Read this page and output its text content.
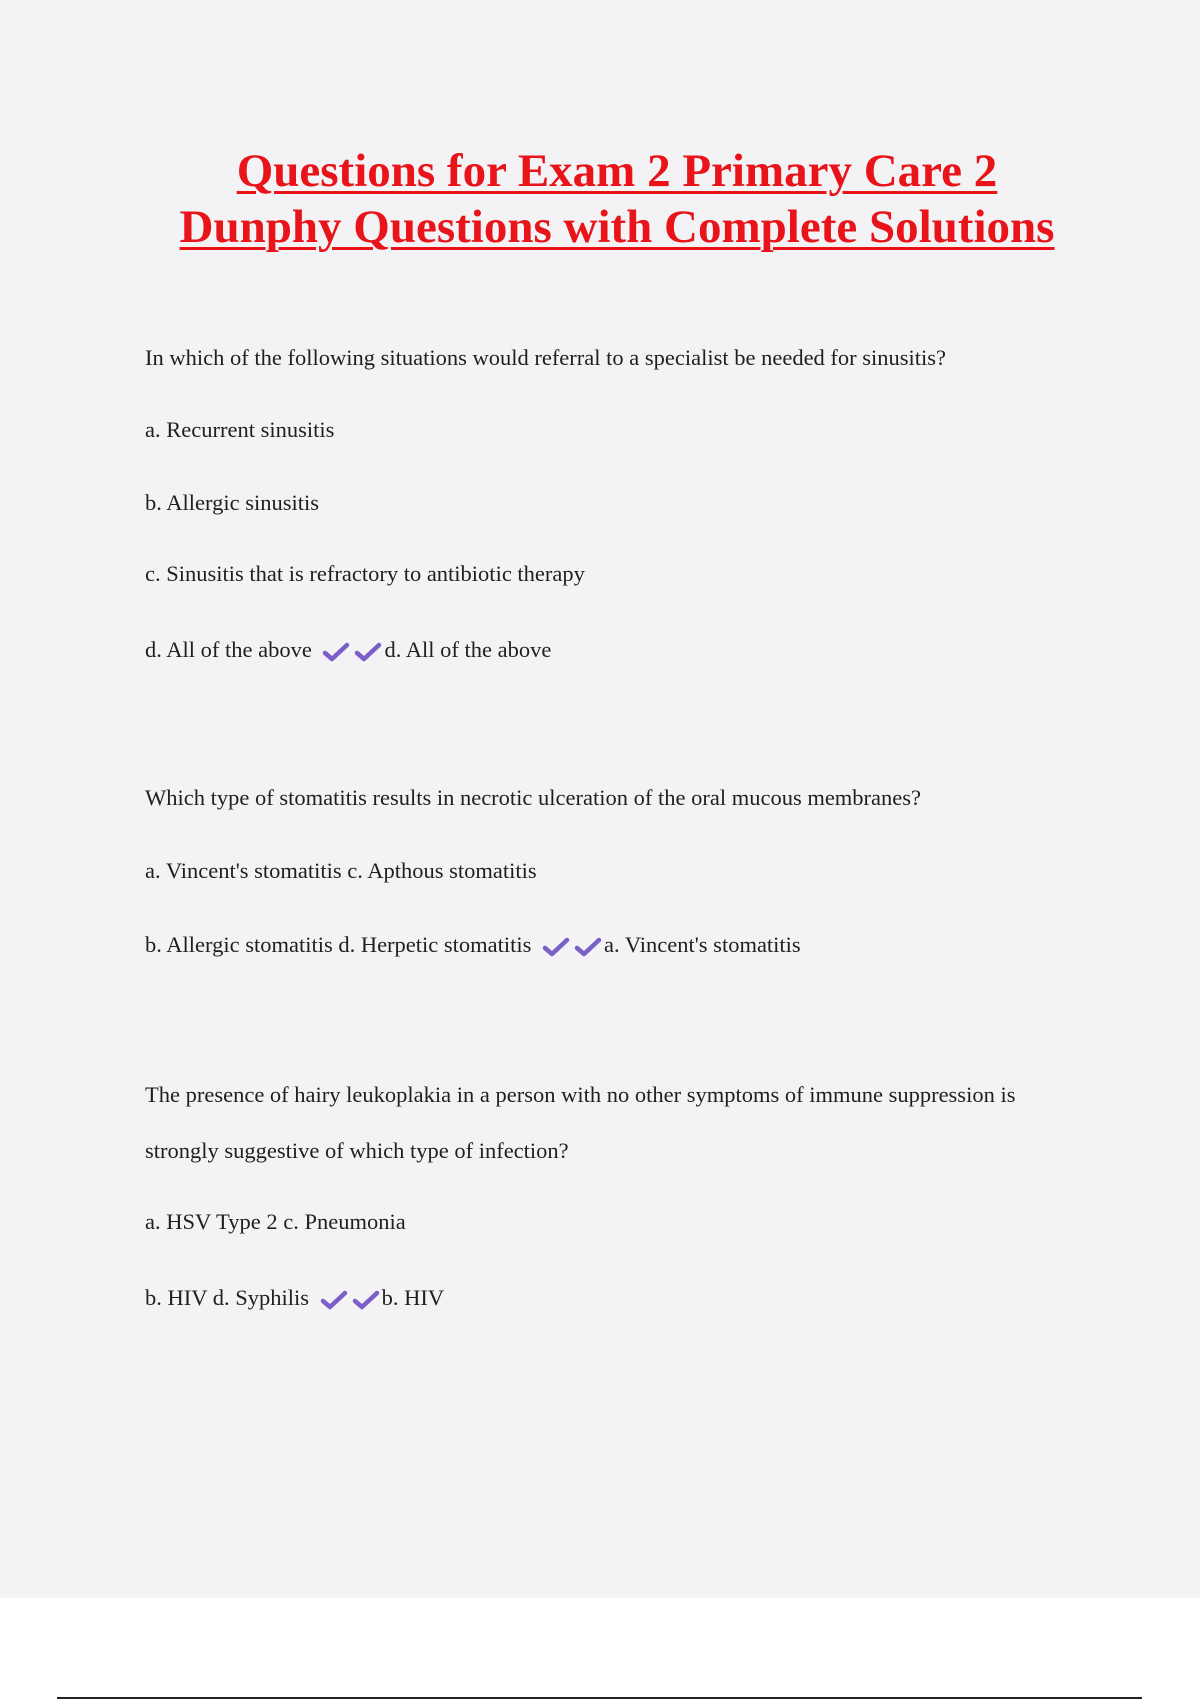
Questions for Exam 2 Primary Care 2
Dunphy Questions with Complete Solutions
In which of the following situations would referral to a specialist be needed for sinusitis?
a. Recurrent sinusitis
b. Allergic sinusitis
c. Sinusitis that is refractory to antibiotic therapy
d. All of the above	d. All of the above
Which type of stomatitis results in necrotic ulceration of the oral mucous membranes?
a. Vincent's stomatitis c. Apthous stomatitis
b. Allergic stomatitis d. Herpetic stomatitis	a. Vincent's stomatitis
The presence of hairy leukoplakia in a person with no other symptoms of immune suppression is
strongly suggestive of which type of infection?
a. HSV Type 2 c. Pneumonia
b. HIV d. Syphilis	b. HIV
